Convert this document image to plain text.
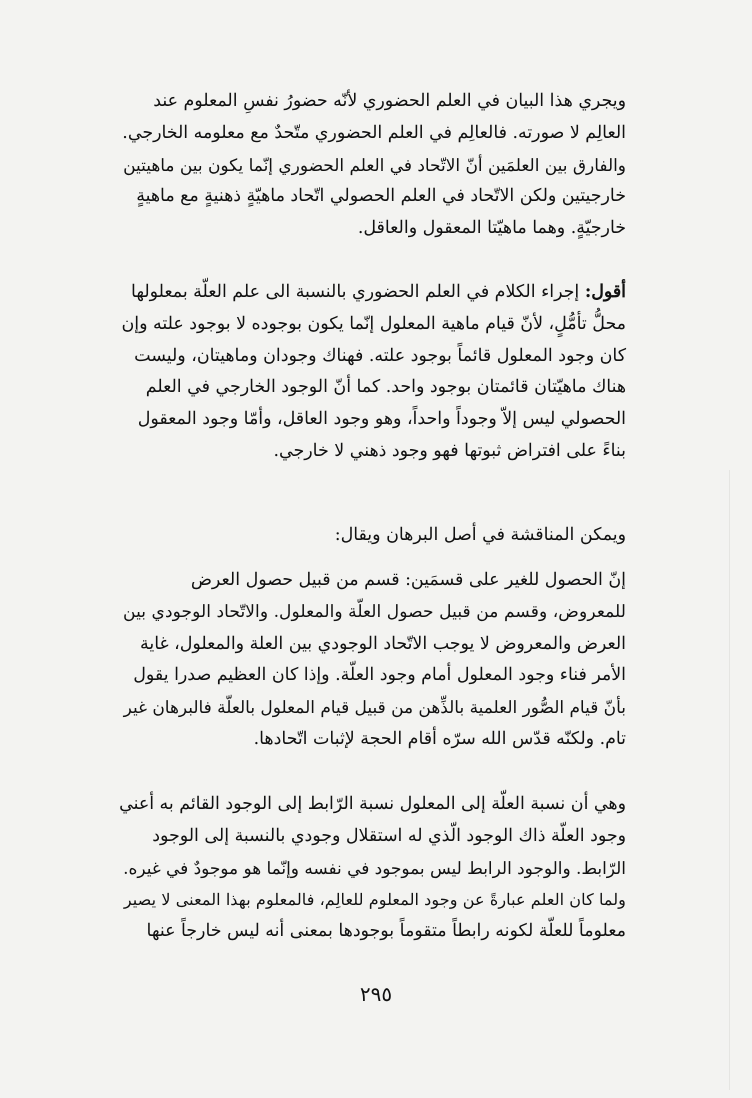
ويجري هذا البيان في العلم الحضوري لأنّه حضورُ نفسِ المعلوم عند
العالِم لا صورته. فالعالِم في العلم الحضوري متّحدٌ مع معلومه الخارجي.
والفارق بين العلمَين أنّ الاتّحاد في العلم الحضوري إنّما يكون بين ماهيتين
خارجيتين ولكن الاتّحاد في العلم الحصولي اتّحاد ماهيّةٍ ذهنيةٍ مع ماهيةٍ
خارجيّةٍ. وهما ماهيّتا المعقول والعاقل.
أقول: إجراء الكلام في العلم الحضوري بالنسبة الى علم العلّة بمعلولها
محلُّ تأمُّلٍ، لأنّ قيام ماهية المعلول إنّما يكون بوجوده لا بوجود علته وإن
كان وجود المعلول قائماً بوجود علته. فهناك وجودان وماهيتان، وليست
هناك ماهيّتان قائمتان بوجود واحد. كما أنّ الوجود الخارجي في العلم
الحصولي ليس إلاّ وجوداً واحداً، وهو وجود العاقل، وأمّا وجود المعقول
بناءً على افتراض ثبوتها فهو وجود ذهني لا خارجي.
ويمكن المناقشة في أصل البرهان ويقال:
إنّ الحصول للغير على قسمَين: قسم من قبيل حصول العرض
للمعروض، وقسم من قبيل حصول العلّة والمعلول. والاتّحاد الوجودي بين
العرض والمعروض لا يوجب الاتّحاد الوجودي بين العلة والمعلول، غاية
الأمر فناء وجود المعلول أمام وجود العلّة. وإذا كان العظيم صدرا يقول
بأنّ قيام الصُّور العلمية بالذِّهن من قبيل قيام المعلول بالعلّة فالبرهان غير
تام. ولكنّه قدّس الله سرّه أقام الحجة لإثبات اتّحادها.
وهي أن نسبة العلّة إلى المعلول نسبة الرّابط إلى الوجود القائم به أعني
وجود العلّة ذاك الوجود الّذي له استقلال وجودي بالنسبة إلى الوجود
الرّابط. والوجود الرابط ليس بموجود في نفسه وإنّما هو موجودٌ في غيره.
ولما كان العلم عبارةً عن وجود المعلوم للعالِم، فالمعلوم بهذا المعنى لا يصير
معلوماً للعلّة لكونه رابطاً متقوماً بوجودها بمعنى أنه ليس خارجاً عنها
٢٩٥
